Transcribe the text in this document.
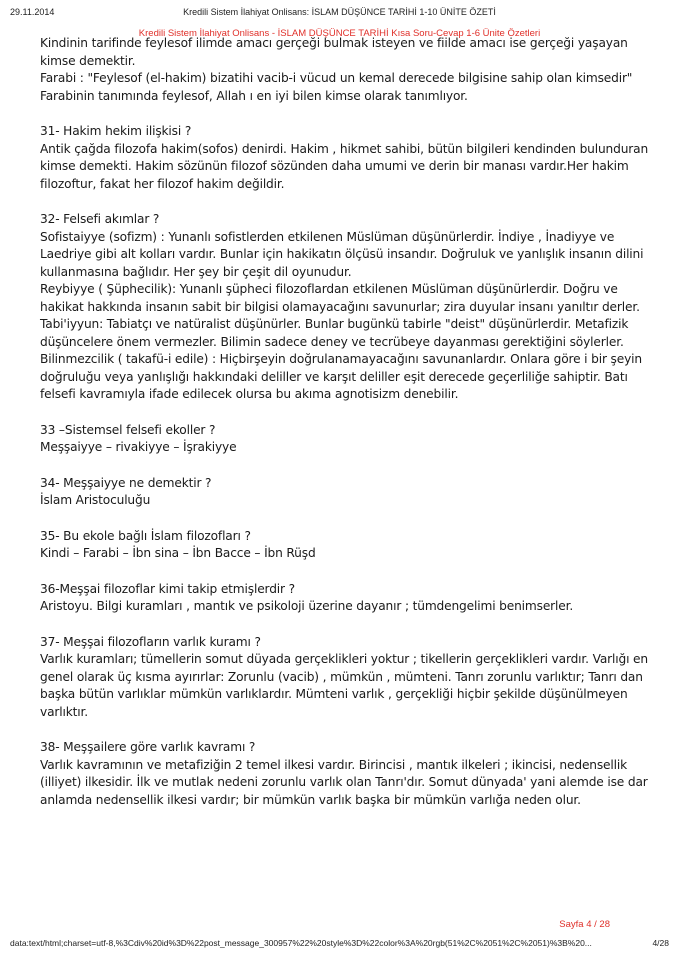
29.11.2014	Kredili Sistem İlahiyat Onlisans: İSLAM DÜŞÜNCE TARİHİ 1-10 ÜNİTE ÖZETİ
Kredili Sistem İlahiyat Onlisans - İSLAM DÜŞÜNCE TARİHİ Kısa Soru-Cevap 1-6 Ünite Özetleri

Kindinin tarifinde feylesof ilimde amacı gerçeği bulmak isteyen ve fiilde amacı ise gerçeği yaşayan kimse demektir.

Farabi : "Feylesof (el-hakim) bizatihi vacib-i vücud un kemal derecede bilgisine sahip olan kimsedir" Farabinin tanımında feylesof, Allah ı en iyi bilen kimse olarak tanımlıyor.

31- Hakim hekim ilişkisi ?

Antik çağda filozofa hakim(sofos) denirdi. Hakim , hikmet sahibi, bütün bilgileri kendinden bulunduran kimse demekti. Hakim sözünün filozof sözünden daha umumi ve derin bir manası vardır.Her hakim filozoftur, fakat her filozof hakim değildir.

32- Felsefi akımlar ?

Sofistaiyye (sofizm) : Yunanlı sofistlerden etkilenen Müslüman düşünürlerdir. İndiye , İnadiyye ve Laedriye gibi alt kolları vardır. Bunlar için hakikatın ölçüsü insandır. Doğruluk ve yanlışlık insanın dilini kullanmasına bağlıdır. Her şey bir çeşit dil oyunudur.

Reybiyye ( Şüphecilik): Yunanlı şüpheci filozoflardan etkilenen Müslüman düşünürlerdir. Doğru ve hakikat hakkında insanın sabit bir bilgisi olamayacağını savunurlar; zira duyular insanı yanıltır derler.

Tabi'iyyun: Tabiatçı ve natüralist düşünürler. Bunlar bugünkü tabirle "deist" düşünürlerdir. Metafizik düşüncelere önem vermezler. Bilimin sadece deney ve tecrübeye dayanması gerektiğini söylerler.

Bilinmezcilik ( takafü-i edile) : Hiçbirşeyin doğrulanamayacağını savunanlardır. Onlara göre i bir şeyin doğruluğu veya yanlışlığı hakkındaki deliller ve karşıt deliller eşit derecede geçerliliğe sahiptir. Batı felsefi kavramıyla ifade edilecek olursa bu akıma agnotisizm denebilir.

33 –Sistemsel felsefi ekoller ?

Meşşaiyye – rivakiyye – İşrakiyye

34- Meşşaiyye ne demektir ?

İslam Aristoculuğu

35- Bu ekole bağlı İslam filozofları ?

Kindi – Farabi – İbn sina – İbn Bacce – İbn Rüşd

36-Meşşai filozoflar kimi takip etmişlerdir ?

Aristoyu. Bilgi kuramları , mantık ve psikoloji üzerine dayanır ; tümdengelimi benimserler.

37- Meşşai filozofların varlık kuramı ?

Varlık kuramları; tümellerin somut düyada gerçeklikleri yoktur ; tikellerin gerçeklikleri vardır. Varlığı en genel olarak üç kısma ayırırlar: Zorunlu (vacib) , mümkün , mümteni. Tanrı zorunlu varlıktır; Tanrı dan başka bütün varlıklar mümkün varlıklardır. Mümteni varlık , gerçekliği hiçbir şekilde düşünülmeyen varlıktır.

38- Meşşailere göre varlık kavramı ?

Varlık kavramının ve metafiziğin 2 temel ilkesi vardır. Birincisi , mantık ilkeleri ; ikincisi, nedensellik (illiyet) ilkesidir. İlk ve mutlak nedeni zorunlu varlık olan Tanrı'dır. Somut dünyada' yani alemde ise dar anlamda nedensellik ilkesi vardır; bir mümkün varlık başka bir mümkün varlığa neden olur.

Sayfa 4 / 28
data:text/html;charset=utf-8,%3Cdiv%20id%3D%22post_message_300957%22%20style%3D%22color%3A%20rgb(51%2C%2051%2C%2051)%3B%20...	4/28
